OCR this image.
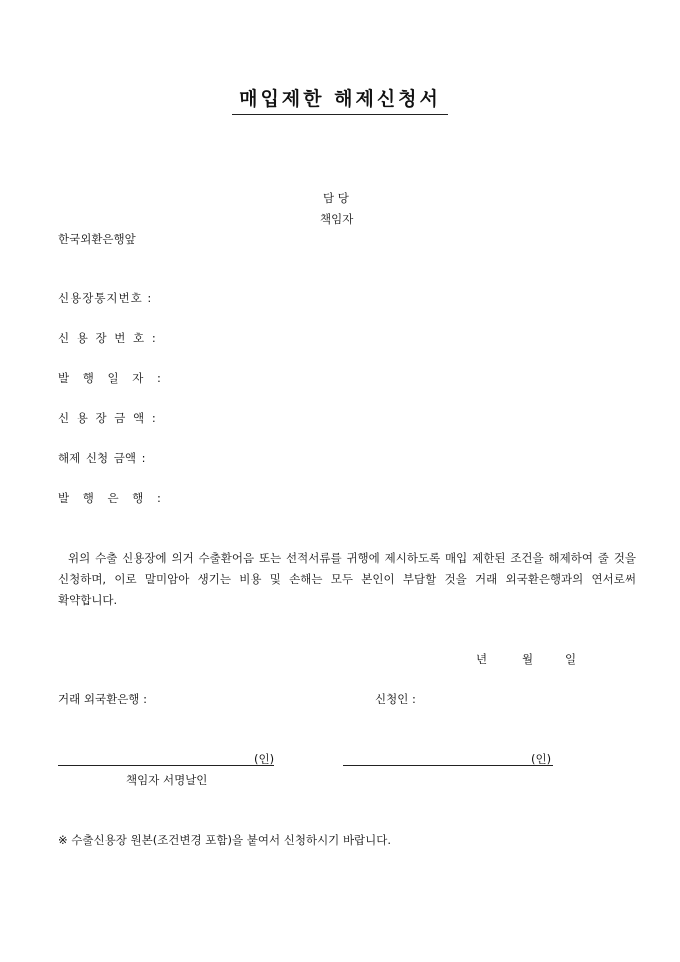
매입제한 해제신청서
담 당
책임자
한국외환은행앞
신용장통지번호 :
신 용 장 번 호 :
발 행 일 자 :
신 용 장 금 액 :
해제 신청 금액 :
발 행 은 행 :
위의 수출 신용장에 의거 수출환어음 또는 선적서류를 귀행에 제시하도록 매입 제한된 조건을 해제하여 줄 것을 신청하며, 이로 말미암아 생기는 비용 및 손해는 모두 본인이 부담할 것을 거래 외국환은행과의 연서로써 확약합니다.
년	월	일
거래 외국환은행 :	신청인 :
(인)	(인)
책임자 서명날인
※ 수출신용장 원본(조건변경 포함)을 붙여서 신청하시기 바랍니다.
